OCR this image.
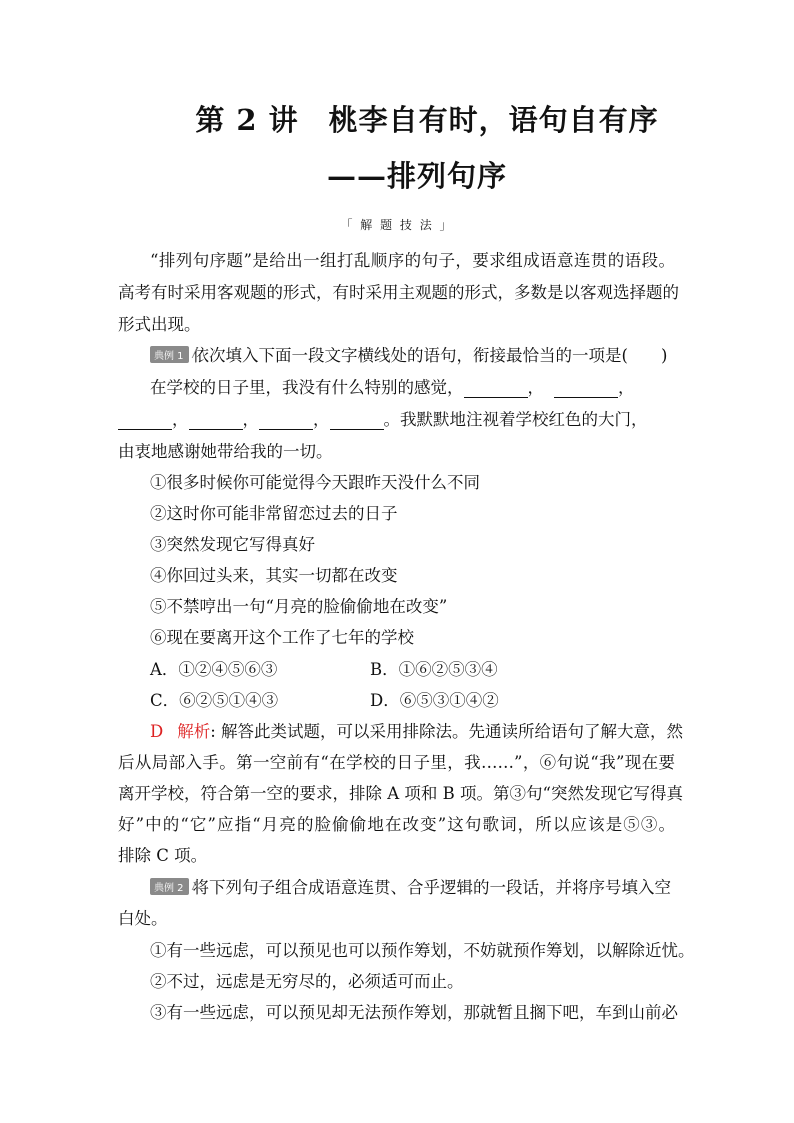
第 2 讲　桃李自有时，语句自有序
——排列句序
「 解 题 技 法 」
“排列句序题”是给出一组打乱顺序的句子，要求组成语意连贯的语段。
高考有时采用客观题的形式，有时采用主观题的形式，多数是以客观选择题的
形式出现。
典例 1 依次填入下面一段文字横线处的语句，衔接最恰当的一项是(　　)
在学校的日子里，我没有什么特别的感觉，	，	，
，	，	，	。我默默地注视着学校红色的大门，
由衷地感谢她带给我的一切。
①很多时候你可能觉得今天跟昨天没什么不同
②这时你可能非常留恋过去的日子
③突然发现它写得真好
④你回过头来，其实一切都在改变
⑤不禁哼出一句“月亮的脸偷偷地在改变”
⑥现在要离开这个工作了七年的学校
A．①②④⑤⑥③	B．①⑥②⑤③④
C．⑥②⑤①④③	D．⑥⑤③①④②
D 解析: 解答此类试题，可以采用排除法。先通读所给语句了解大意，然
后从局部入手。第一空前有“在学校的日子里，我……”，⑥句说“我”现在要
离开学校，符合第一空的要求，排除 A 项和 B 项。第③句“突然发现它写得真
好”中的“它”应指“月亮的脸偷偷地在改变”这句歌词，所以应该是⑤③。
排除 C 项。
典例 2 将下列句子组合成语意连贯、合乎逻辑的一段话，并将序号填入空
白处。
①有一些远虑，可以预见也可以预作筹划，不妨就预作筹划，以解除近忧。
②不过，远虑是无穷尽的，必须适可而止。
③有一些远虑，可以预见却无法预作筹划，那就暂且搁下吧，车到山前必
